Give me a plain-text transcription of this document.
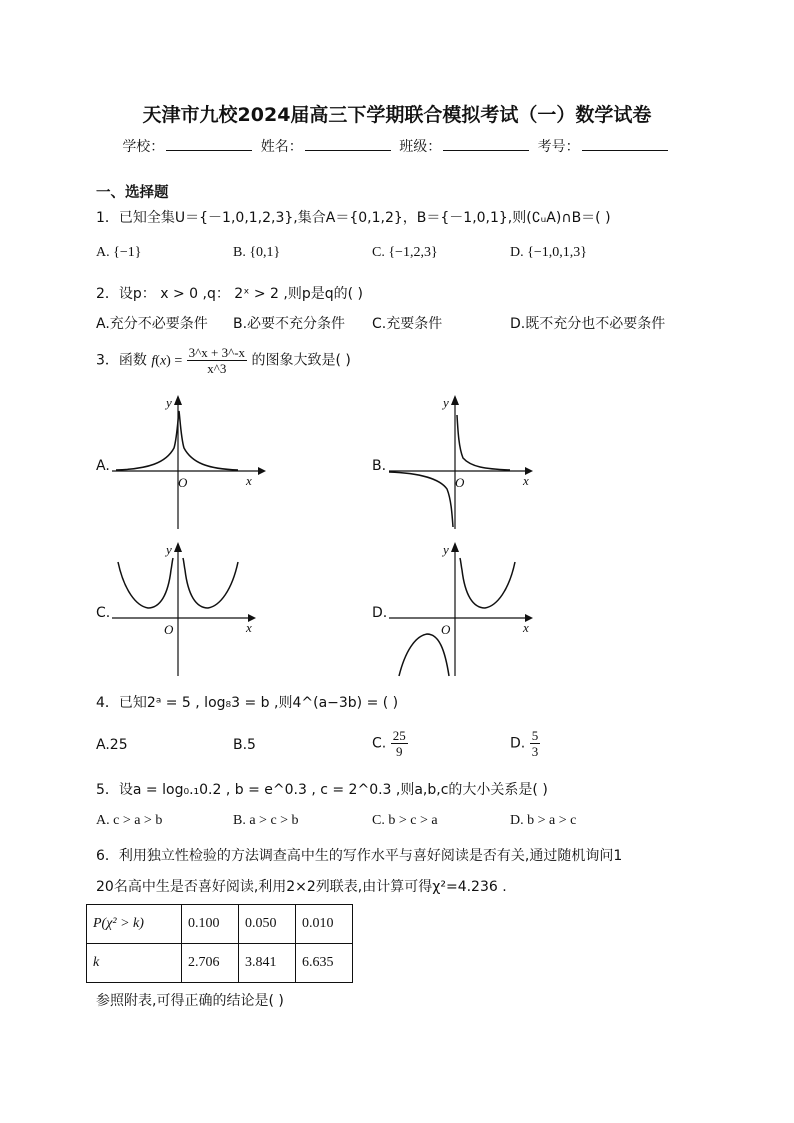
天津市九校2024届高三下学期联合模拟考试（一）数学试卷
学校：	姓名：	班级：	考号：
一、选择题
1．已知全集U＝{－1,0,1,2,3},集合A＝{0,1,2}，B＝{－1,0,1},则(∁ᵤA)∩B＝( )
A. {−1}	B. {0,1}	C. {−1,2,3}	D. {−1,0,1,3}
2．设p： x > 0 ,q： 2ˣ > 2 ,则p是q的( )
A.充分不必要条件 B.必要不充分条件 C.充要条件	D.既不充分也不必要条件
3．函数 $f(x) = \frac{3\^{}x + 3\^{}-x}{x\^{}3}$ 的图象大致是( )
A.
y
x
O
B.
y
x
O
C.
y
x
O
D.
y
x
O
4．已知2ᵃ = 5 , log₈3 = b ,则4^(a−3b) = ( )
A.25	B.5	C. $\frac{25}{9}$	D. $\frac{5}{3}$
5．设a = log₀.₁0.2 , b = e^0.3 , c = 2^0.3 ,则a,b,c的大小关系是( )
A. c > a > b	B. a > c > b	C. b > c > a	D. b > a > c
6．利用独立性检验的方法调查高中生的写作水平与喜好阅读是否有关,通过随机询问1
20名高中生是否喜好阅读,利用2×2列联表,由计算可得χ²=4.236 .
P(χ² > k)	0.100	0.050	0.010
k	2.706	3.841	6.635
参照附表,可得正确的结论是( )
